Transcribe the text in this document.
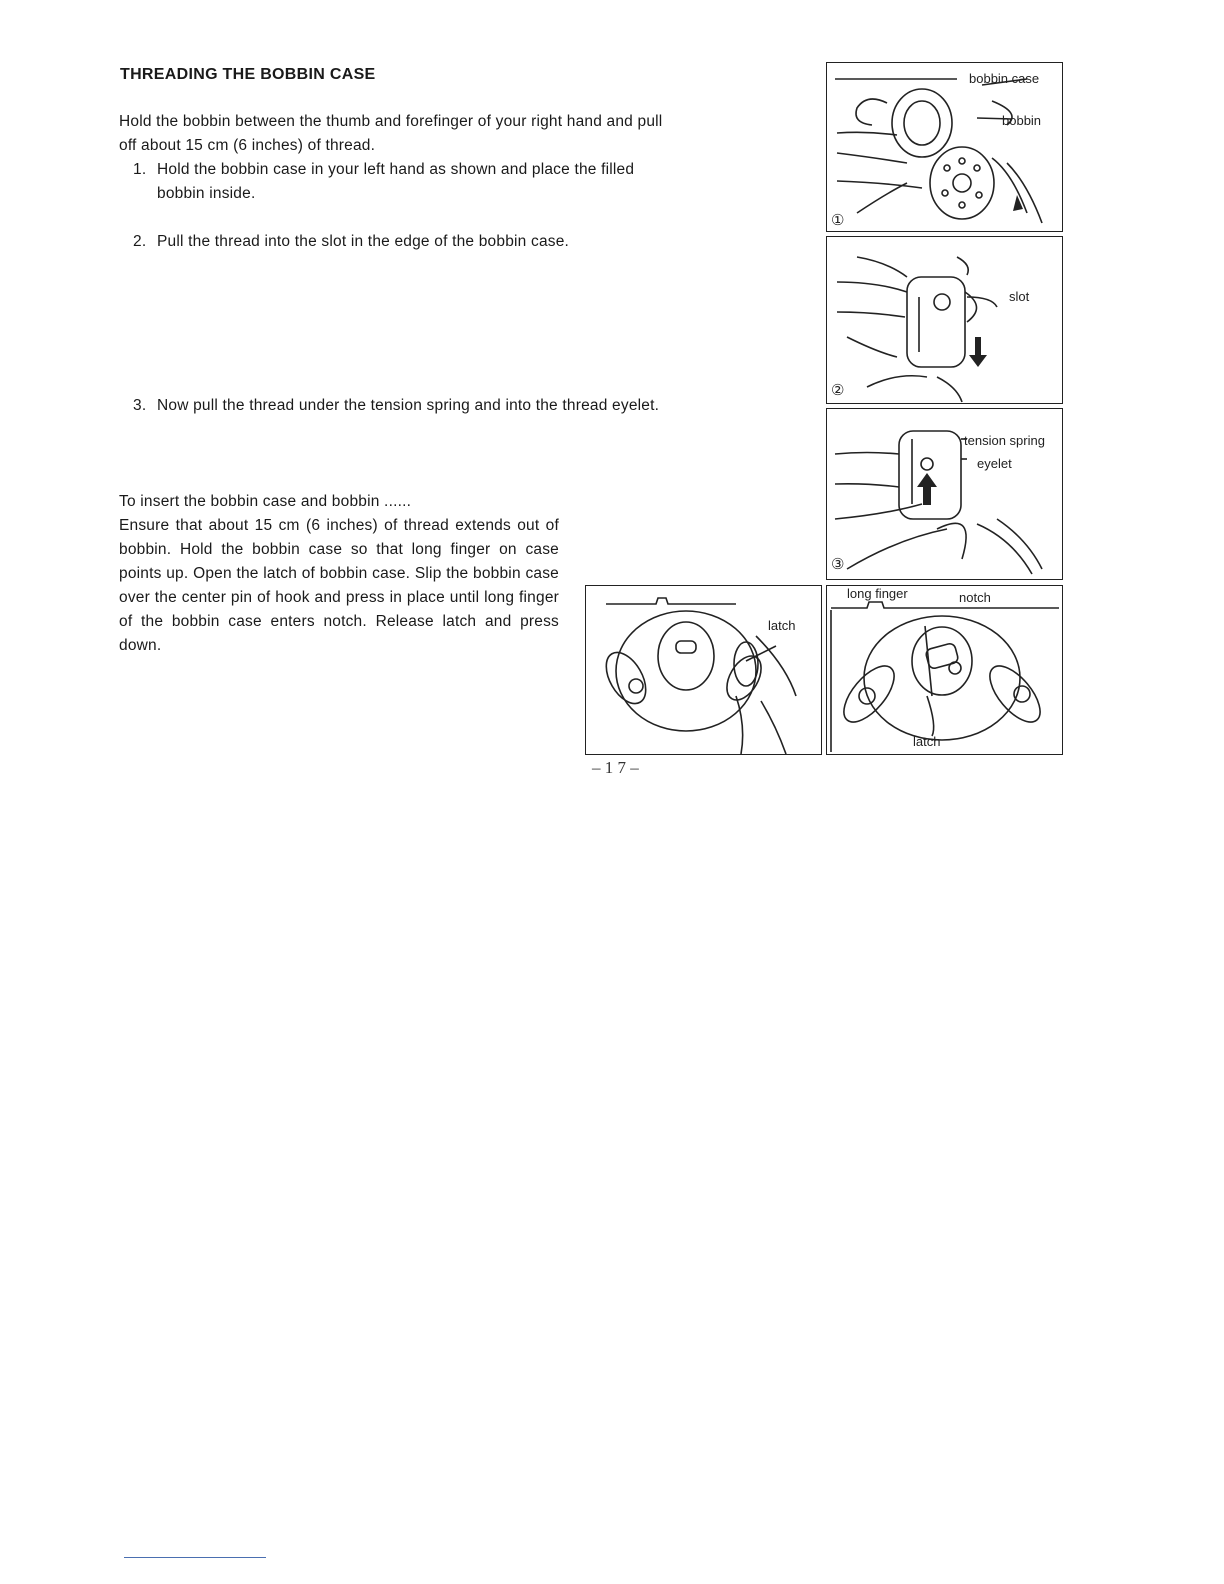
THREADING THE BOBBIN CASE
Hold the bobbin between the thumb and forefinger of your right hand and pull off about 15 cm (6 inches) of thread.
1. Hold the bobbin case in your left hand as shown and place the filled bobbin inside.
2. Pull the thread into the slot in the edge of the bobbin case.
3. Now pull the thread under the tension spring and into the thread eyelet.
To insert the bobbin case and bobbin ......
Ensure that about 15 cm (6 inches) of thread extends out of bobbin. Hold the bobbin case so that long finger on case points up. Open the latch of bobbin case. Slip the bobbin case over the center pin of hook and press in place until long finger of the bobbin case enters notch. Release latch and press down.
bobbin case
bobbin
①
slot
②
tension spring
eyelet
③
latch
long finger	notch
latch
– 1 7 –
